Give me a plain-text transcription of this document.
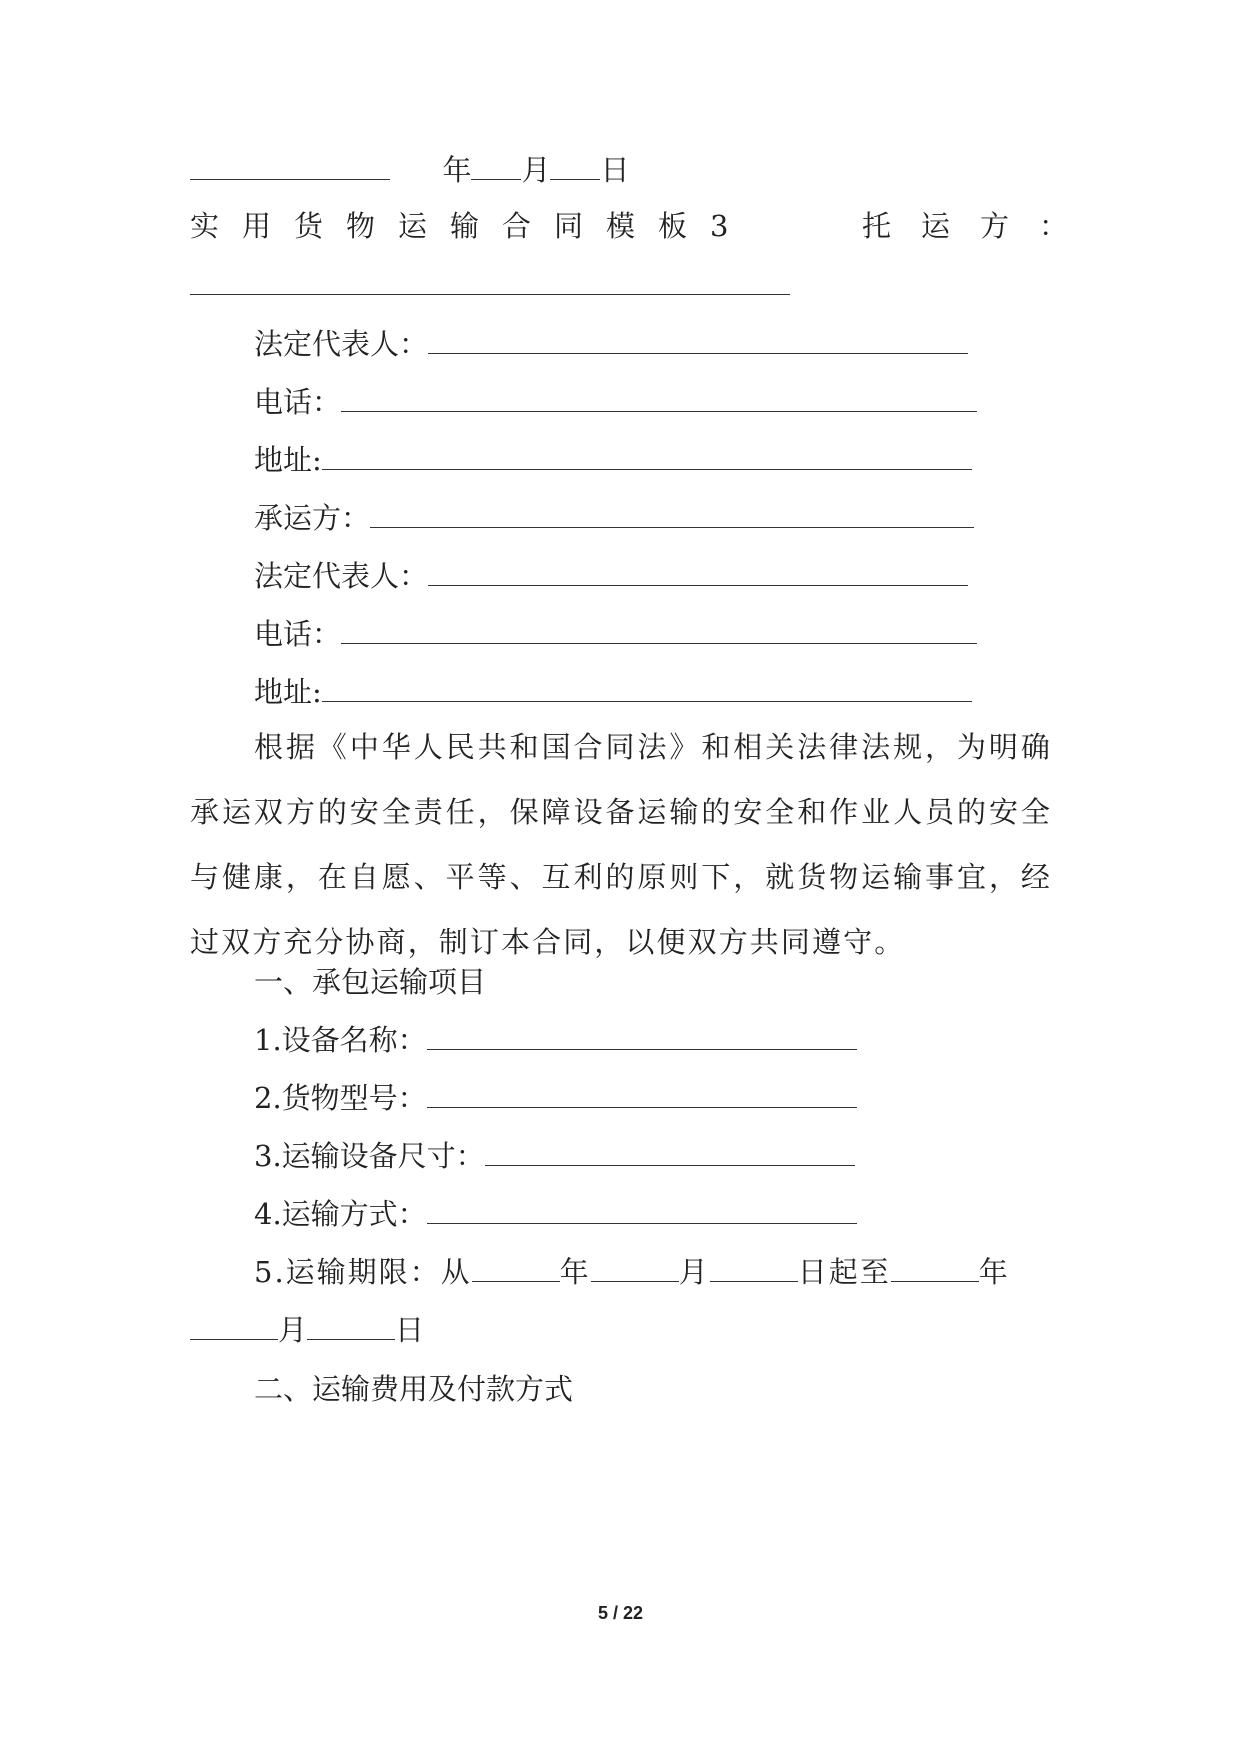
年 月 日
实用货物运输合同模板3	托运方：
法定代表人：
电话：
地址:
承运方：
法定代表人：
电话：
地址:
根据《中华人民共和国合同法》和相关法律法规，为明确承运双方的安全责任，保障设备运输的安全和作业人员的安全与健康，在自愿、平等、互利的原则下，就货物运输事宜，经过双方充分协商，制订本合同，以便双方共同遵守。
一、承包运输项目
1.设备名称：
2.货物型号：
3.运输设备尺寸：
4.运输方式：
5.运输期限：从	年	月	日起至	年
月	日
二、运输费用及付款方式
5 / 22
